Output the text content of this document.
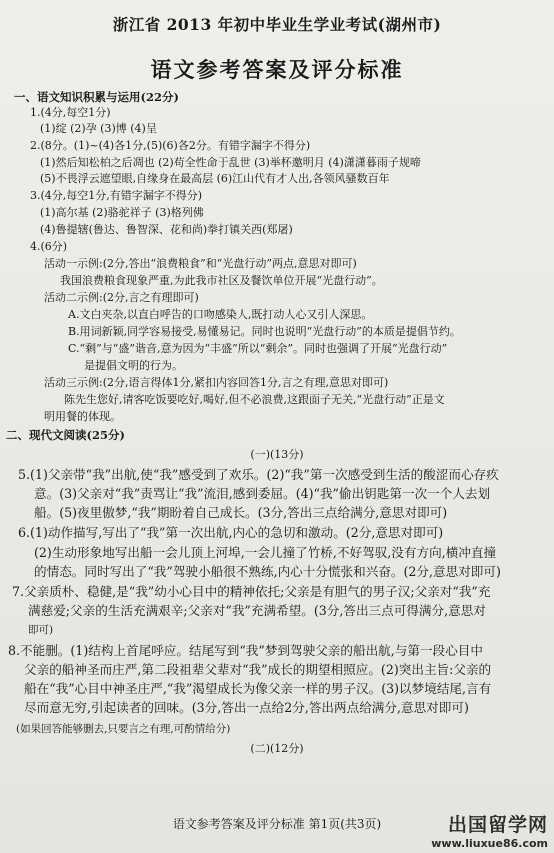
浙江省 2013 年初中毕业生学业考试(湖州市)
语文参考答案及评分标准
一、语文知识积累与运用(22分)
1.(4分,每空1分)
(1)绽 (2)孕 (3)博 (4)呈
2.(8分。(1)~(4)各1分,(5)(6)各2分。有错字漏字不得分)
(1)然后知松柏之后凋也 (2)苟全性命于乱世 (3)举杯邀明月 (4)潇潇暮雨子规啼
(5)不畏浮云遮望眼,自缘身在最高层 (6)江山代有才人出,各领风骚数百年
3.(4分,每空1分,有错字漏字不得分)
(1)高尔基 (2)骆驼祥子 (3)格列佛
(4)鲁提辖(鲁达、鲁智深、花和尚)拳打镇关西(郑屠)
4.(6分)
活动一示例:(2分,答出“浪费粮食”和“光盘行动”两点,意思对即可)
我国浪费粮食现象严重,为此我市社区及餐饮单位开展“光盘行动”。
活动二示例:(2分,言之有理即可)
A.文白夹杂,以直白呼告的口吻感染人,既打动人心又引人深思。
B.用词新颖,同学容易接受,易懂易记。同时也说明“光盘行动”的本质是提倡节约。
C.“剩”与“盛”谐音,意为因为“丰盛”所以“剩余”。同时也强调了开展“光盘行动”
是提倡文明的行为。
活动三示例:(2分,语言得体1分,紧扣内容回答1分,言之有理,意思对即可)
陈先生您好,请客吃饭要吃好,喝好,但不必浪费,这跟面子无关,“光盘行动”正是文
明用餐的体现。
二、现代文阅读(25分)
(一)(13分)
5.(1)父亲带“我”出航,使“我”感受到了欢乐。(2)“我”第一次感受到生活的酸涩而心存疚
意。(3)父亲对“我”责骂让“我”流泪,感到委屈。(4)“我”偷出钥匙第一次一个人去划
船。(5)夜里傲梦,“我”期盼着自己成长。(3分,答出三点给满分,意思对即可)
6.(1)动作描写,写出了“我”第一次出航,内心的急切和激动。(2分,意思对即可)
(2)生动形象地写出船一会儿顶上河埠,一会儿撞了竹桥,不好驾驭,没有方向,横冲直撞
的情态。同时写出了“我”驾驶小船很不熟练,内心十分慌张和兴奋。(2分,意思对即可)
7.父亲质朴、稳健,是“我”幼小心目中的精神依托;父亲是有胆气的男子汉;父亲对“我”充
满慈爱;父亲的生活充满艰辛;父亲对“我”充满希望。(3分,答出三点可得满分,意思对
即可)
8.不能删。(1)结构上首尾呼应。结尾写到“我”梦到驾驶父亲的船出航,与第一段心目中
父亲的船神圣而庄严,第二段祖辈父辈对“我”成长的期望相照应。(2)突出主旨:父亲的
船在“我”心目中神圣庄严,“我”渴望成长为像父亲一样的男子汉。(3)以梦境结尾,言有
尽而意无穷,引起读者的回味。(3分,答出一点给2分,答出两点给满分,意思对即可)
(如果回答能够删去,只要言之有理,可酌情给分)
(二)(12分)
语文参考答案及评分标准 第1页(共3页)	出国留学网
www.liuxue86.com
